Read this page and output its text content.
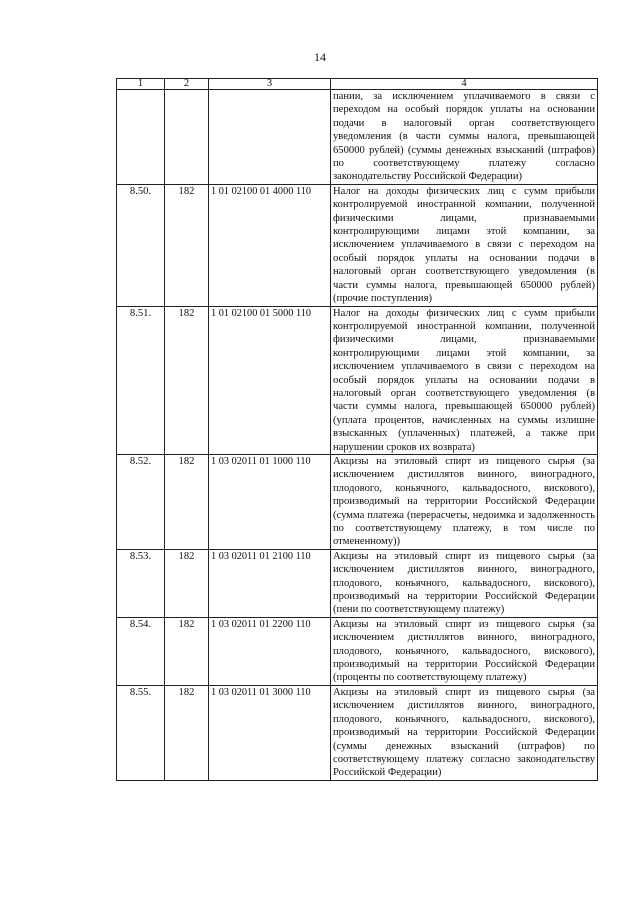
14
1	2	3	4
			пании, за исключением уплачиваемого в связи с переходом на особый порядок уплаты на основании подачи в налоговый орган соответствующего уведомления (в части суммы налога, превышающей 650000 рублей) (суммы денежных взысканий (штрафов) по соответствующему платежу согласно законодательству Российской Федерации)
8.50.	182	1 01 02100 01 4000 110	Налог на доходы физических лиц с сумм прибыли контролируемой иностранной компании, полученной физическими лицами, признаваемыми контролирующими лицами этой компании, за исключением уплачиваемого в связи с переходом на особый порядок уплаты на основании подачи в налоговый орган соответствующего уведомления (в части суммы налога, превышающей 650000 рублей) (прочие поступления)
8.51.	182	1 01 02100 01 5000 110	Налог на доходы физических лиц с сумм прибыли контролируемой иностранной компании, полученной физическими лицами, признаваемыми контролирующими лицами этой компании, за исключением уплачиваемого в связи с переходом на особый порядок уплаты на основании подачи в налоговый орган соответствующего уведомления (в части суммы налога, превышающей 650000 рублей) (уплата процентов, начисленных на суммы излишне взысканных (уплаченных) платежей, а также при нарушении сроков их возврата)
8.52.	182	1 03 02011 01 1000 110	Акцизы на этиловый спирт из пищевого сырья (за исключением дистиллятов винного, виноградного, плодового, коньячного, кальвадосного, вискового), производимый на территории Российской Федерации (сумма платежа (перерасчеты, недоимка и задолженность по соответствующему платежу, в том числе по отмененному))
8.53.	182	1 03 02011 01 2100 110	Акцизы на этиловый спирт из пищевого сырья (за исключением дистиллятов винного, виноградного, плодового, коньячного, кальвадосного, вискового), производимый на территории Российской Федерации (пени по соответствующему платежу)
8.54.	182	1 03 02011 01 2200 110	Акцизы на этиловый спирт из пищевого сырья (за исключением дистиллятов винного, виноградного, плодового, коньячного, кальвадосного, вискового), производимый на территории Российской Федерации (проценты по соответствующему платежу)
8.55.	182	1 03 02011 01 3000 110	Акцизы на этиловый спирт из пищевого сырья (за исключением дистиллятов винного, виноградного, плодового, коньячного, кальвадосного, вискового), производимый на территории Российской Федерации (суммы денежных взысканий (штрафов) по соответствующему платежу согласно законодательству Российской Федерации)
